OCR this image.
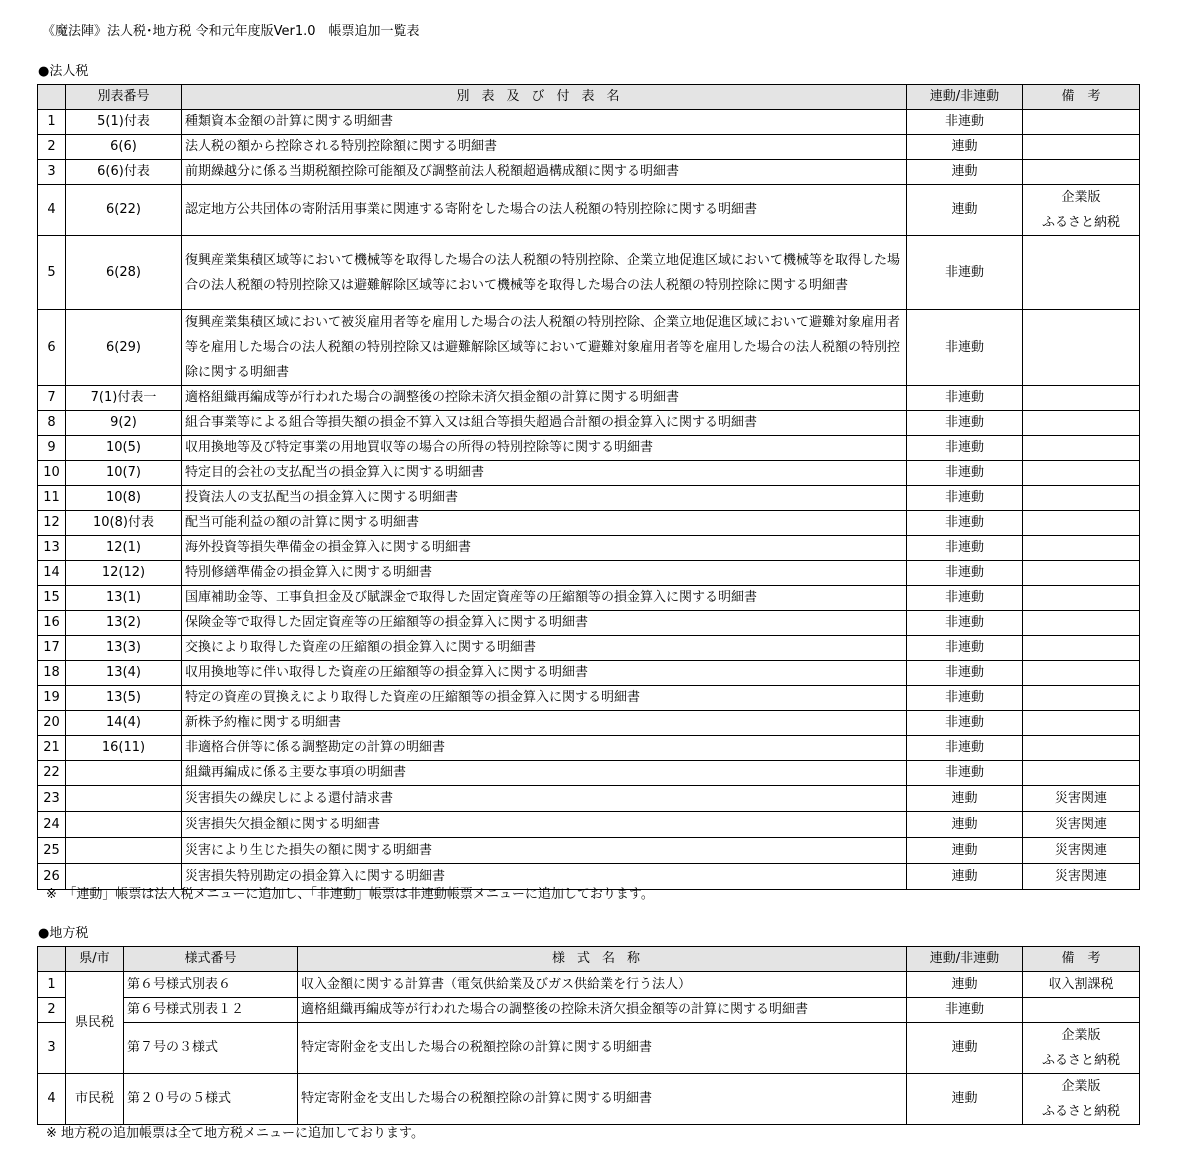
《魔法陣》法人税･地方税 令和元年度版Ver1.0　帳票追加一覧表
●法人税
	別表番号	別表及び付表名	連動/非連動	備　考
1	5(1)付表	種類資本金額の計算に関する明細書	非連動	
2	6(6)	法人税の額から控除される特別控除額に関する明細書	連動	
3	6(6)付表	前期繰越分に係る当期税額控除可能額及び調整前法人税額超過構成額に関する明細書	連動	
4	6(22)	認定地方公共団体の寄附活用事業に関連する寄附をした場合の法人税額の特別控除に関する明細書	連動	企業版
ふるさと納税
5	6(28)	復興産業集積区域等において機械等を取得した場合の法人税額の特別控除、企業立地促進区域において機械等を取得した場合の法人税額の特別控除又は避難解除区域等において機械等を取得した場合の法人税額の特別控除に関する明細書	非連動	
6	6(29)	復興産業集積区域において被災雇用者等を雇用した場合の法人税額の特別控除、企業立地促進区域において避難対象雇用者等を雇用した場合の法人税額の特別控除又は避難解除区域等において避難対象雇用者等を雇用した場合の法人税額の特別控除に関する明細書	非連動	
7	7(1)付表一	適格組織再編成等が行われた場合の調整後の控除未済欠損金額の計算に関する明細書	非連動	
8	9(2)	組合事業等による組合等損失額の損金不算入又は組合等損失超過合計額の損金算入に関する明細書	非連動	
9	10(5)	収用換地等及び特定事業の用地買収等の場合の所得の特別控除等に関する明細書	非連動	
10	10(7)	特定目的会社の支払配当の損金算入に関する明細書	非連動	
11	10(8)	投資法人の支払配当の損金算入に関する明細書	非連動	
12	10(8)付表	配当可能利益の額の計算に関する明細書	非連動	
13	12(1)	海外投資等損失準備金の損金算入に関する明細書	非連動	
14	12(12)	特別修繕準備金の損金算入に関する明細書	非連動	
15	13(1)	国庫補助金等、工事負担金及び賦課金で取得した固定資産等の圧縮額等の損金算入に関する明細書	非連動	
16	13(2)	保険金等で取得した固定資産等の圧縮額等の損金算入に関する明細書	非連動	
17	13(3)	交換により取得した資産の圧縮額の損金算入に関する明細書	非連動	
18	13(4)	収用換地等に伴い取得した資産の圧縮額等の損金算入に関する明細書	非連動	
19	13(5)	特定の資産の買換えにより取得した資産の圧縮額等の損金算入に関する明細書	非連動	
20	14(4)	新株予約権に関する明細書	非連動	
21	16(11)	非適格合併等に係る調整勘定の計算の明細書	非連動	
22		組織再編成に係る主要な事項の明細書	非連動	
23		災害損失の繰戻しによる還付請求書	連動	災害関連
24		災害損失欠損金額に関する明細書	連動	災害関連
25		災害により生じた損失の額に関する明細書	連動	災害関連
26		災害損失特別勘定の損金算入に関する明細書	連動	災害関連
※　「連動」帳票は法人税メニューに追加し、「非連動」帳票は非連動帳票メニューに追加しております。
●地方税
	県/市	様式番号	様式名称	連動/非連動	備　考
1	県民税	第６号様式別表６	収入金額に関する計算書（電気供給業及びガス供給業を行う法人）	連動	収入割課税
2		第６号様式別表１２	適格組織再編成等が行われた場合の調整後の控除未済欠損金額等の計算に関する明細書	非連動	
3		第７号の３様式	特定寄附金を支出した場合の税額控除の計算に関する明細書	連動	企業版
ふるさと納税
4	市民税	第２０号の５様式	特定寄附金を支出した場合の税額控除の計算に関する明細書	連動	企業版
ふるさと納税
※ 地方税の追加帳票は全て地方税メニューに追加しております。
